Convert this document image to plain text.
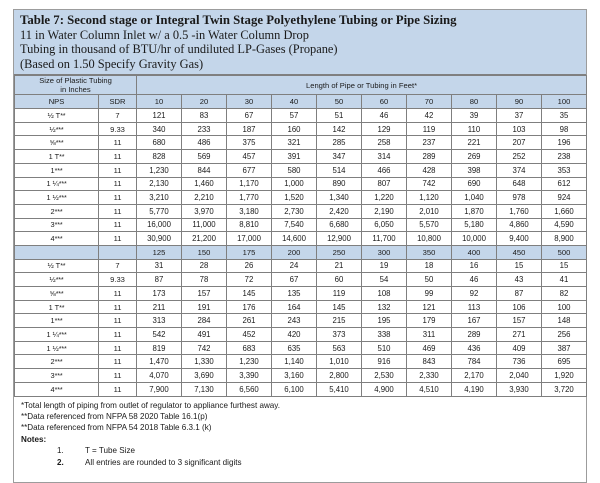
Table 7: Second stage or Integral Twin Stage Polyethylene Tubing or Pipe Sizing
11 in Water Column Inlet w/ a 0.5 -in Water Column Drop
Tubing in thousand of BTU/hr of undiluted LP-Gases (Propane)
(Based on 1.50 Specify Gravity Gas)
Size of Plastic Tubing
in Inches		Length of Pipe or Tubing in Feet*									
NPS	SDR	10	20	30	40	50	60	70	80	90	100
½ T**	7	121	83	67	57	51	46	42	39	37	35
½***	9.33	340	233	187	160	142	129	119	110	103	98
⅝***	11	680	486	375	321	285	258	237	221	207	196
1 T**	11	828	569	457	391	347	314	289	269	252	238
1***	11	1,230	844	677	580	514	466	428	398	374	353
1 ¼***	11	2,130	1,460	1,170	1,000	890	807	742	690	648	612
1 ½***	11	3,210	2,210	1,770	1,520	1,340	1,220	1,120	1,040	978	924
2***	11	5,770	3,970	3,180	2,730	2,420	2,190	2,010	1,870	1,760	1,660
3***	11	16,000	11,000	8,810	7,540	6,680	6,050	5,570	5,180	4,860	4,590
4***	11	30,900	21,200	17,000	14,600	12,900	11,700	10,800	10,000	9,400	8,900
		125	150	175	200	250	300	350	400	450	500
½ T**	7	31	28	26	24	21	19	18	16	15	15
½***	9.33	87	78	72	67	60	54	50	46	43	41
⅝***	11	173	157	145	135	119	108	99	92	87	82
1 T**	11	211	191	176	164	145	132	121	113	106	100
1***	11	313	284	261	243	215	195	179	167	157	148
1 ¼***	11	542	491	452	420	373	338	311	289	271	256
1 ½***	11	819	742	683	635	563	510	469	436	409	387
2***	11	1,470	1,330	1,230	1,140	1,010	916	843	784	736	695
3***	11	4,070	3,690	3,390	3,160	2,800	2,530	2,330	2,170	2,040	1,920
4***	11	7,900	7,130	6,560	6,100	5,410	4,900	4,510	4,190	3,930	3,720
*Total length of piping from outlet of regulator to appliance furthest away.
**Data referenced from NFPA 58 2020 Table 16.1(p)
**Data referenced from NFPA 54 2018 Table 6.3.1 (k)
Notes:
1.	T = Tube Size
2.	All entries are rounded to 3 significant digits
